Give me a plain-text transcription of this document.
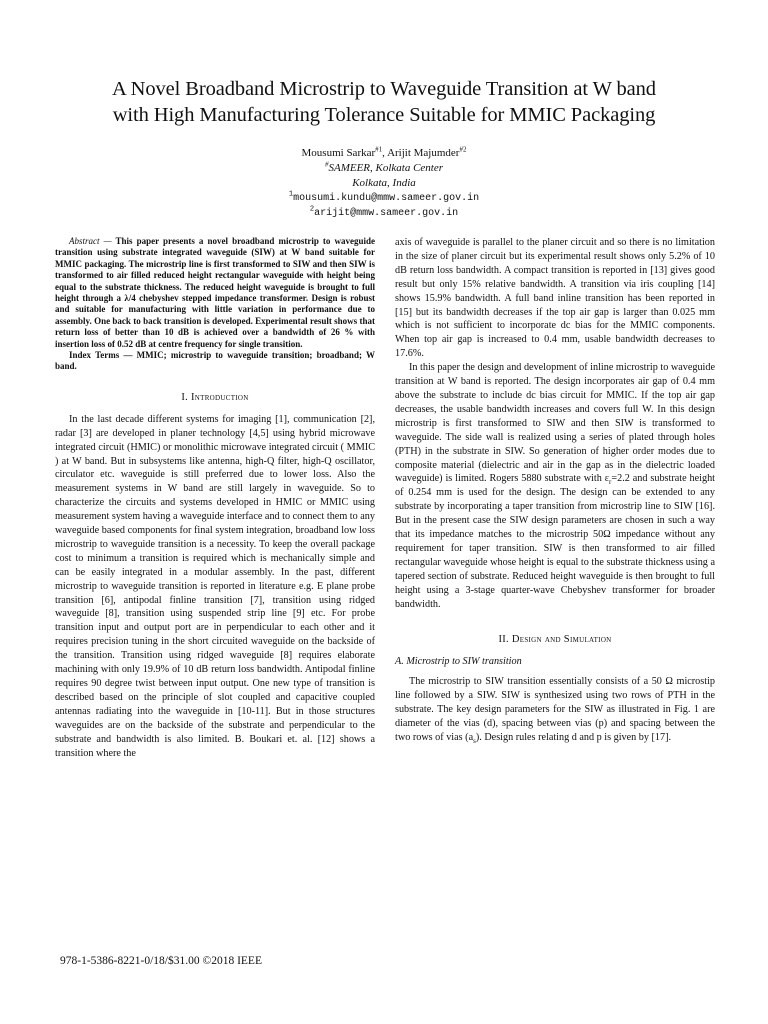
A Novel Broadband Microstrip to Waveguide Transition at W band
with High Manufacturing Tolerance Suitable for MMIC Packaging
Mousumi Sarkar$^{\#1}$, Arijit Majumder$^{\#2}$
#SAMEER, Kolkata Center
Kolkata, India
$^1$mousumi.kundu@mmw.sameer.gov.in
$^2$arijit@mmw.sameer.gov.in

Abstract — This paper presents a novel broadband microstrip to waveguide transition using substrate integrated waveguide (SIW) at W band suitable for MMIC packaging. The microstrip line is first transformed to SIW and then SIW is transformed to air filled reduced height rectangular waveguide with height being equal to the substrate thickness. The reduced height waveguide is brought to full height through a λ/4 chebyshev stepped impedance transformer. Design is robust and suitable for manufacturing with little variation in performance due to assembly. One back to back transition is developed. Experimental result shows that return loss of better than 10 dB is achieved over a bandwidth of 26 % with insertion loss of 0.52 dB at centre frequency for single transition.

Index Terms — MMIC; microstrip to waveguide transition; broadband; W band.

I. Introduction

In the last decade different systems for imaging [1], communication [2], radar [3] are developed in planer technology [4,5] using hybrid microwave integrated circuit (HMIC) or monolithic microwave integrated circuit ( MMIC ) at W band. But in subsystems like antenna, high-Q filter, high-Q oscillator, circulator etc. waveguide is still preferred due to lower loss. Also the measurement systems in W band are still largely in waveguide. So to characterize the circuits and systems developed in HMIC or MMIC using measurement system having a waveguide interface and to connect them to any waveguide based components for final system integration, broadband low loss microstrip to waveguide transition is a necessity. To keep the overall package cost to minimum a transition is required which is mechanically simple and can be easily integrated in a modular assembly. In the past, different microstrip to waveguide transition is reported in literature e.g. E plane probe transition [6], antipodal finline transition [7], transition using ridged waveguide [8], transition using suspended strip line [9] etc. For probe transition input and output port are in perpendicular to each other and it requires precision tuning in the short circuited waveguide on the backside of the transition. Transition using ridged waveguide [8] requires elaborate machining with only 19.9% of 10 dB return loss bandwidth. Antipodal finline requires 90 degree twist between input output. One new type of transition is described based on the principle of slot coupled and capacitive coupled antennas radiating into the waveguide in [10-11]. But in those structures waveguides are on the backside of the substrate and perpendicular to the substrate and bandwidth is also limited. B. Boukari et. al. [12] shows a transition where the

axis of waveguide is parallel to the planer circuit and so there is no limitation in the size of planer circuit but its experimental result shows only 5.2% of 10 dB return loss bandwidth. A compact transition is reported in [13] gives good result but only 15% relative bandwidth. A transition via iris coupling [14] shows 15.9% bandwidth. A full band inline transition has been reported in [15] but its bandwidth decreases if the top air gap is larger than 0.025 mm which is not sufficient to incorporate dc bias for the MMIC components. When top air gap is increased to 0.4 mm, usable bandwidth decreases to 17.6%.

In this paper the design and development of inline microstrip to waveguide transition at W band is reported. The design incorporates air gap of 0.4 mm above the substrate to include dc bias circuit for MMIC. If the top air gap decreases, the usable bandwidth increases and covers full W. In this design microstrip is first transformed to SIW and then SIW is transformed to waveguide. The side wall is realized using a series of plated through holes (PTH) in the substrate in SIW. So generation of higher order modes due to composite material (dielectric and air in the gap as in the dielectric loaded waveguide) is limited. Rogers 5880 substrate with $\varepsilon_r=2.2$ and substrate height of 0.254 mm is used for the design. The design can be extended to any substrate by incorporating a taper transition from microstrip line to SIW [16]. But in the present case the SIW design parameters are chosen in such a way that its impedance matches to the microstrip 50Ω impedance without any requirement for taper transition. SIW is then transformed to air filled rectangular waveguide whose height is equal to the substrate thickness using a tapered section of substrate. Reduced height waveguide is then brought to full height using a 3-stage quarter-wave Chebyshev transformer for broader bandwidth.

II. Design and Simulation
A. Microstrip to SIW transition

The microstrip to SIW transition essentially consists of a 50 Ω microstip line followed by a SIW. SIW is synthesized using two rows of PTH in the substrate. The key design parameters for the SIW as illustrated in Fig. 1 are diameter of the vias (d), spacing between vias (p) and spacing between the two rows of vias $(a_s)$. Design rules relating d and p is given by [17].

978-1-5386-8221-0/18/$31.00 ©2018 IEEE
